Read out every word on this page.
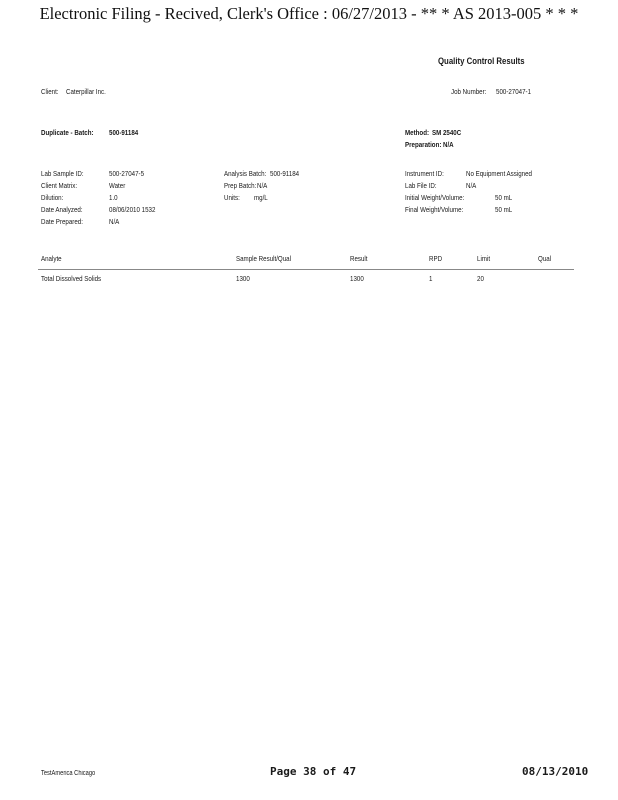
Electronic Filing - Recived, Clerk's Office : 06/27/2013 - ** * AS 2013-005 * * *
Quality Control Results
Client: Caterpillar Inc.	Job Number: 500-27047-1
Duplicate - Batch: 500-91184	Method: SM 2540C
Preparation: N/A
Lab Sample ID:	500-27047-5
Client Matrix:	Water
Dilution:	1.0
Date Analyzed:	08/06/2010 1532
Date Prepared:	N/A
Analysis Batch: 500-91184
Prep Batch: N/A
Units: mg/L
Instrument ID:	No Equipment Assigned
Lab File ID:	N/A
Initial Weight/Volume:	50 mL
Final Weight/Volume:	50 mL
Analyte	Sample Result/Qual	Result	RPD	Limit	Qual
Total Dissolved Solids	1300	1300	1	20
TestAmerica Chicago	Page 38 of 47	08/13/2010
